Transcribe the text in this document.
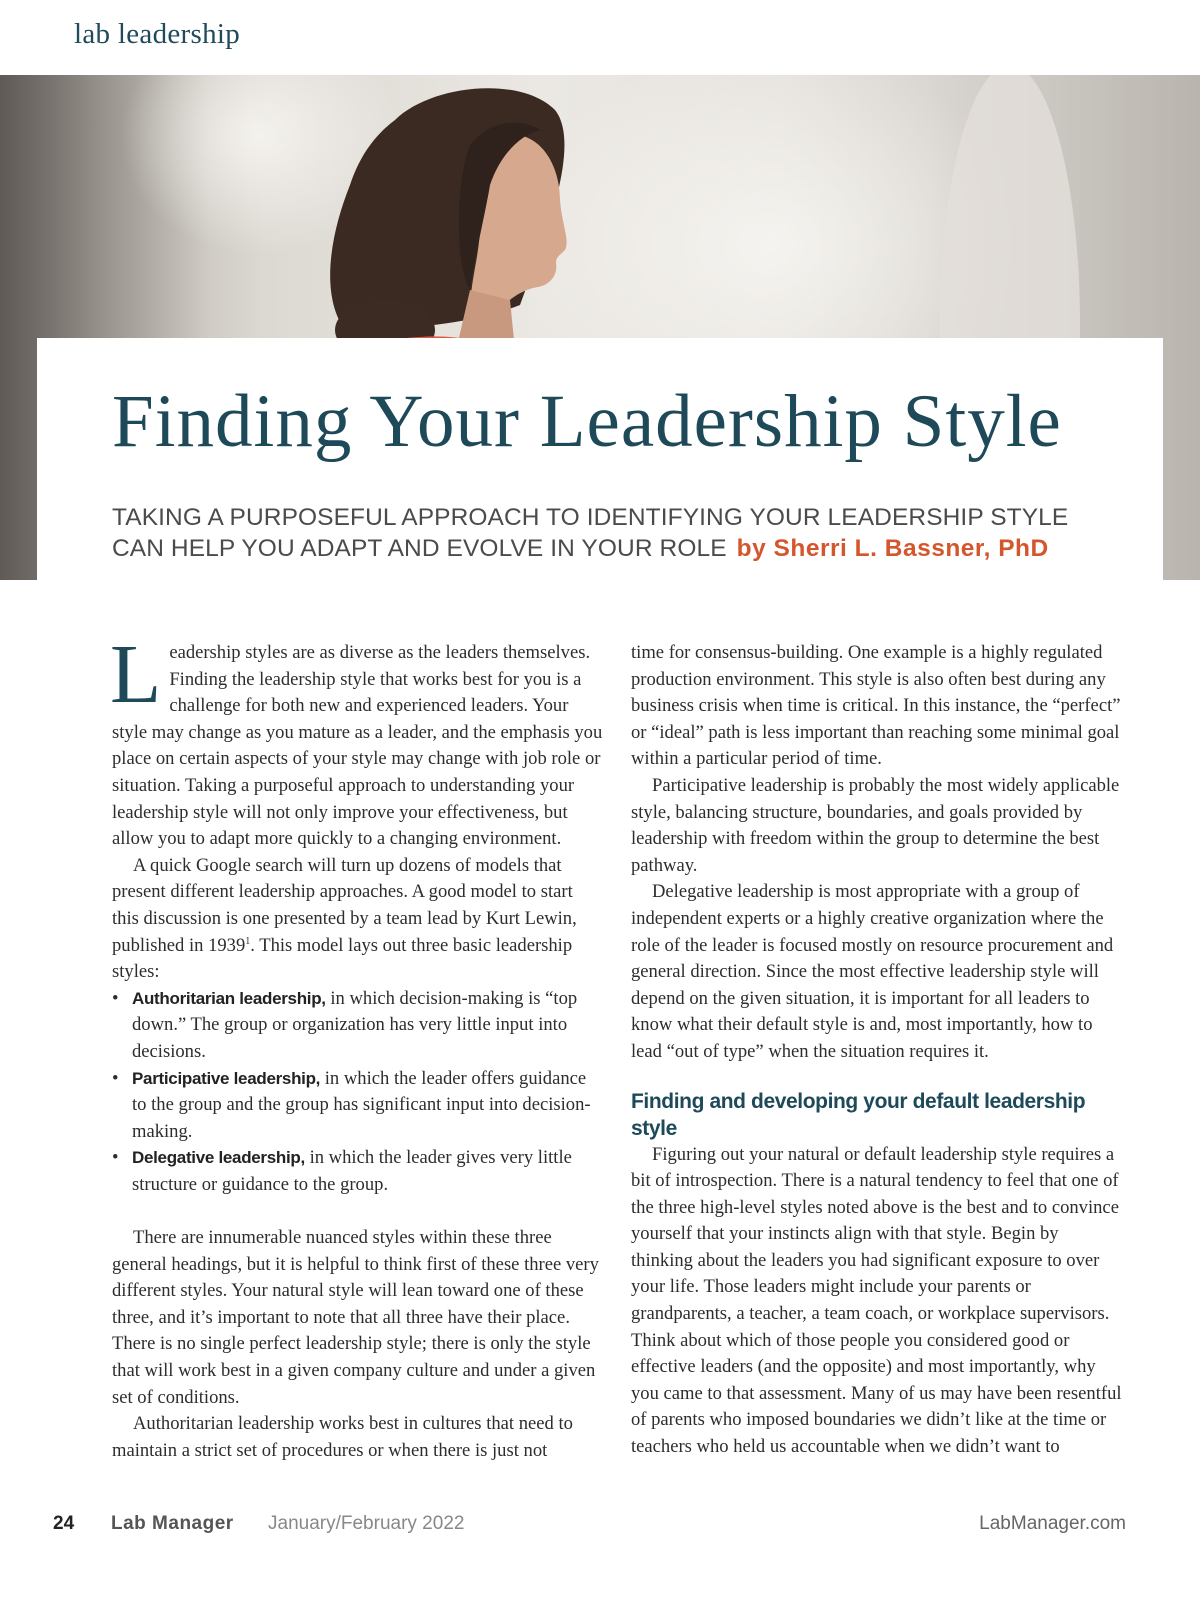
lab leadership
Finding Your Leadership Style
TAKING A PURPOSEFUL APPROACH TO IDENTIFYING YOUR LEADERSHIP STYLE CAN HELP YOU ADAPT AND EVOLVE IN YOUR ROLE by Sherri L. Bassner, PhD

Leadership styles are as diverse as the leaders themselves. Finding the leadership style that works best for you is a challenge for both new and experienced leaders. Your style may change as you mature as a leader, and the emphasis you place on certain aspects of your style may change with job role or situation. Taking a purposeful approach to understanding your leadership style will not only improve your effectiveness, but allow you to adapt more quickly to a changing environment.

A quick Google search will turn up dozens of models that present different leadership approaches. A good model to start this discussion is one presented by a team lead by Kurt Lewin, published in 1939$^1$. This model lays out three basic leadership styles:

• Authoritarian leadership, in which decision-making is “top down.” The group or organization has very little input into decisions.
• Participative leadership, in which the leader offers guidance to the group and the group has significant input into decision-making.
• Delegative leadership, in which the leader gives very little structure or guidance to the group.

There are innumerable nuanced styles within these three general headings, but it is helpful to think first of these three very different styles. Your natural style will lean toward one of these three, and it’s important to note that all three have their place. There is no single perfect leadership style; there is only the style that will work best in a given company culture and under a given set of conditions.

Authoritarian leadership works best in cultures that need to maintain a strict set of procedures or when there is just not

time for consensus-building. One example is a highly regulated production environment. This style is also often best during any business crisis when time is critical. In this instance, the “perfect” or “ideal” path is less important than reaching some minimal goal within a particular period of time.

Participative leadership is probably the most widely applicable style, balancing structure, boundaries, and goals provided by leadership with freedom within the group to determine the best pathway.

Delegative leadership is most appropriate with a group of independent experts or a highly creative organization where the role of the leader is focused mostly on resource procurement and general direction. Since the most effective leadership style will depend on the given situation, it is important for all leaders to know what their default style is and, most importantly, how to lead “out of type” when the situation requires it.

Finding and developing your default leadership style

Figuring out your natural or default leadership style requires a bit of introspection. There is a natural tendency to feel that one of the three high-level styles noted above is the best and to convince yourself that your instincts align with that style. Begin by thinking about the leaders you had significant exposure to over your life. Those leaders might include your parents or grandparents, a teacher, a team coach, or workplace supervisors. Think about which of those people you considered good or effective leaders (and the opposite) and most importantly, why you came to that assessment. Many of us may have been resentful of parents who imposed boundaries we didn’t like at the time or teachers who held us accountable when we didn’t want to

24 Lab Manager January/February 2022	LabManager.com
